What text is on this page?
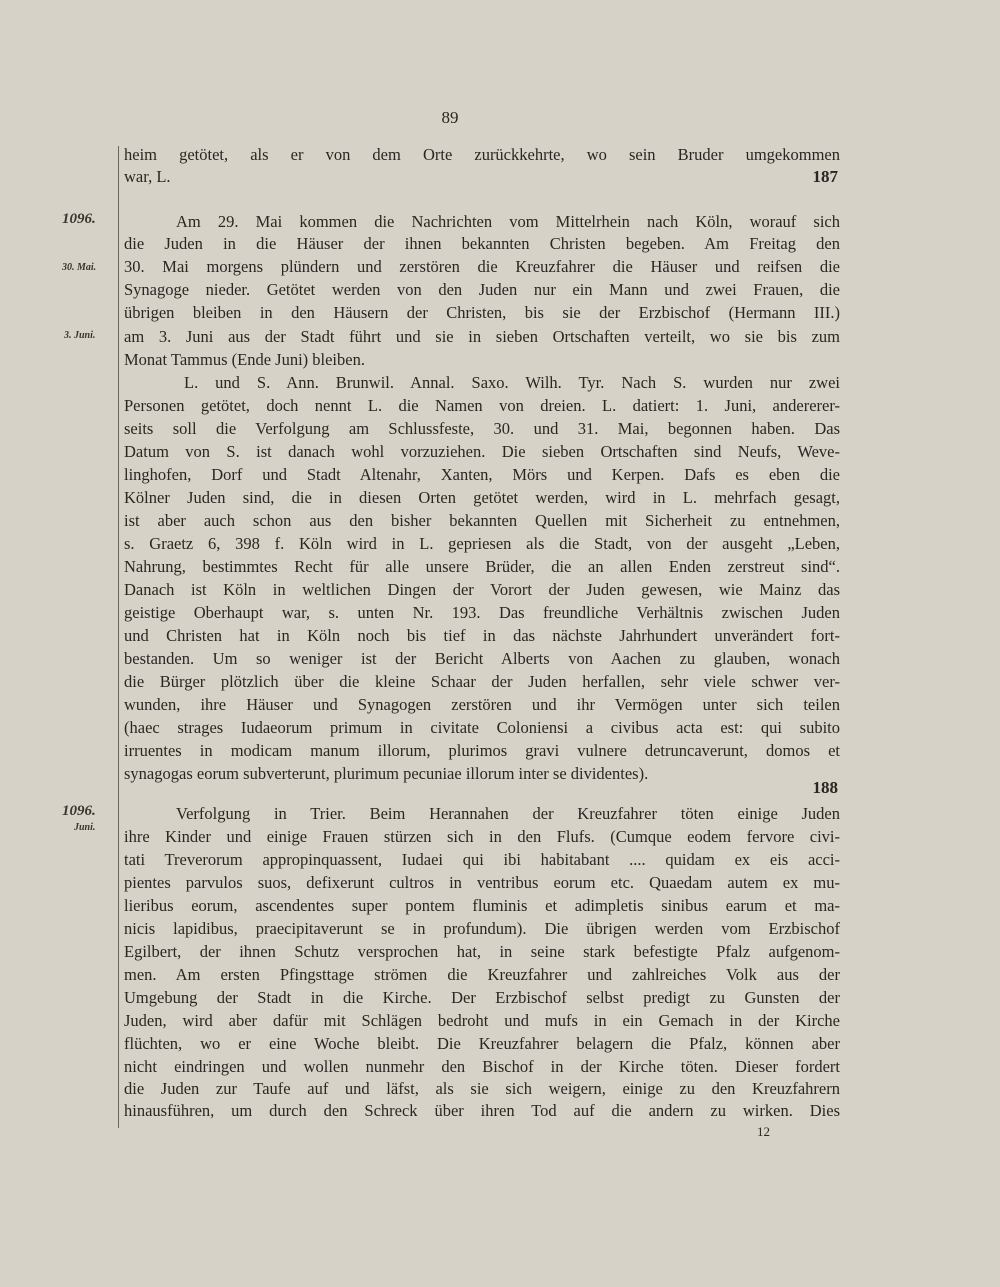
89
1096.
30. Mai.
3. Juni.
1096.
Juni.
187
188
heim getötet, als er von dem Orte zurückkehrte, wo sein Bruder umgekommen
war, L.
Am 29. Mai kommen die Nachrichten vom Mittelrhein nach Köln, worauf sich
die Juden in die Häuser der ihnen bekannten Christen begeben. Am Freitag den
30. Mai morgens plündern und zerstören die Kreuzfahrer die Häuser und reifsen die
Synagoge nieder. Getötet werden von den Juden nur ein Mann und zwei Frauen, die
übrigen bleiben in den Häusern der Christen, bis sie der Erzbischof (Hermann III.)
am 3. Juni aus der Stadt führt und sie in sieben Ortschaften verteilt, wo sie bis zum
Monat Tammus (Ende Juni) bleiben.
L. und S. Ann. Brunwil. Annal. Saxo. Wilh. Tyr. Nach S. wurden nur zwei
Personen getötet, doch nennt L. die Namen von dreien. L. datiert: 1. Juni, andererer-
seits soll die Verfolgung am Schlussfeste, 30. und 31. Mai, begonnen haben. Das
Datum von S. ist danach wohl vorzuziehen. Die sieben Ortschaften sind Neufs, Weve-
linghofen, Dorf und Stadt Altenahr, Xanten, Mörs und Kerpen. Dafs es eben die
Kölner Juden sind, die in diesen Orten getötet werden, wird in L. mehrfach gesagt,
ist aber auch schon aus den bisher bekannten Quellen mit Sicherheit zu entnehmen,
s. Graetz 6, 398 f. Köln wird in L. gepriesen als die Stadt, von der ausgeht „Leben,
Nahrung, bestimmtes Recht für alle unsere Brüder, die an allen Enden zerstreut sind“.
Danach ist Köln in weltlichen Dingen der Vorort der Juden gewesen, wie Mainz das
geistige Oberhaupt war, s. unten Nr. 193. Das freundliche Verhältnis zwischen Juden
und Christen hat in Köln noch bis tief in das nächste Jahrhundert unverändert fort-
bestanden. Um so weniger ist der Bericht Alberts von Aachen zu glauben, wonach
die Bürger plötzlich über die kleine Schaar der Juden herfallen, sehr viele schwer ver-
wunden, ihre Häuser und Synagogen zerstören und ihr Vermögen unter sich teilen
(haec strages Iudaeorum primum in civitate Coloniensi a civibus acta est: qui subito
irruentes in modicam manum illorum, plurimos gravi vulnere detruncaverunt, domos et
synagogas eorum subverterunt, plurimum pecuniae illorum inter se dividentes).
Verfolgung in Trier. Beim Herannahen der Kreuzfahrer töten einige Juden
ihre Kinder und einige Frauen stürzen sich in den Flufs. (Cumque eodem fervore civi-
tati Treverorum appropinquassent, Iudaei qui ibi habitabant .... quidam ex eis acci-
pientes parvulos suos, defixerunt cultros in ventribus eorum etc. Quaedam autem ex mu-
lieribus eorum, ascendentes super pontem fluminis et adimpletis sinibus earum et ma-
nicis lapidibus, praecipitaverunt se in profundum). Die übrigen werden vom Erzbischof
Egilbert, der ihnen Schutz versprochen hat, in seine stark befestigte Pfalz aufgenom-
men. Am ersten Pfingsttage strömen die Kreuzfahrer und zahlreiches Volk aus der
Umgebung der Stadt in die Kirche. Der Erzbischof selbst predigt zu Gunsten der
Juden, wird aber dafür mit Schlägen bedroht und mufs in ein Gemach in der Kirche
flüchten, wo er eine Woche bleibt. Die Kreuzfahrer belagern die Pfalz, können aber
nicht eindringen und wollen nunmehr den Bischof in der Kirche töten. Dieser fordert
die Juden zur Taufe auf und läfst, als sie sich weigern, einige zu den Kreuzfahrern
hinausführen, um durch den Schreck über ihren Tod auf die andern zu wirken. Dies
12
